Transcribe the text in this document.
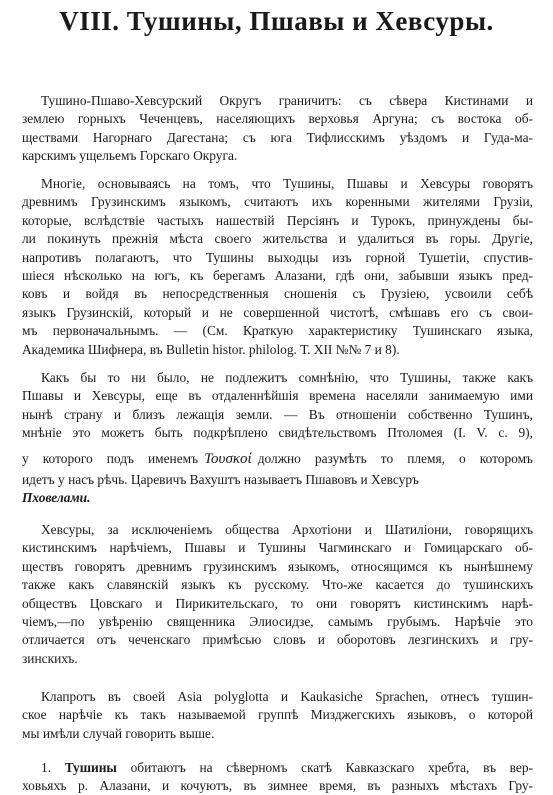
VIII. Тушины, Пшавы и Хевсуры.
Тушино-Пшаво-Хевсурский Округъ граничитъ: съ сѣвера Кистинами и
землею горныхъ Чеченцевъ, населяющихъ верховья Аргуна; съ востока об-
ществами Нагорнаго Дагестана; съ юга Тифлисскимъ уѣздомъ и Гуда-ма-
карскимъ ущельемъ Горскаго Округа.
Многіе, основываясь на томъ, что Тушины, Пшавы и Хевсуры говорятъ
древнимъ Грузинскимъ языкомъ, считаютъ ихъ коренными жителями Грузіи,
которые, вслѣдствіе частыхъ нашествій Персіянъ и Турокъ, принуждены бы-
ли покинуть прежнія мѣста своего жительства и удалиться въ горы. Другіе,
напротивъ полагаютъ, что Тушины выходцы изъ горной Тушетіи, спустив-
шіеся нѣсколько на югъ, къ берегамъ Алазани, гдѣ они, забывши языкъ пред-
ковъ и войдя въ непосредственныя сношенія съ Грузіею, усвоили себѣ
языкъ Грузинскій, который и не совершенной чистотѣ, смѣшавъ его съ свои-
мъ первоначальнымъ. — (См. Краткую характеристику Тушинскаго языка,
Академика Шифнера, въ Bulletin histor. philolog. Т. XII №№ 7 и 8).
Какъ бы то ни было, не подлежитъ сомнѣнію, что Тушины, также какъ
Пшавы и Хевсуры, еще въ отдаленнѣйшія времена населяли занимаемую ими
нынѣ страну и близъ лежащія земли. — Въ отношеніи собственно Тушинъ,
мнѣніе это можетъ быть подкрѣплено свидѣтельствомъ Птоломея (I. V. c. 9),
у которого подъ именемъ Τουσκοί должно разумѣть то племя, о которомъ
идетъ у насъ рѣчь. Царевичъ Вахуштъ называетъ Пшавовъ и Хевсуръ
Пховелами.
Хевсуры, за исключеніемъ общества Архотіони и Шатиліони, говорящихъ
кистинскимъ нарѣчіемъ, Пшавы и Тушины Чагминскаго и Гомицарскаго об-
ществъ говорятъ древнимъ грузинскимъ языкомъ, относящимся къ нынѣшнему
также какъ славянскій языкъ къ русскому. Что-же касается до тушинскихъ
обществъ Цовскаго и Пирикительскаго, то они говорятъ кистинскимъ нарѣ-
чіемъ,—по увѣренію священника Элиосидзе, самымъ грубымъ. Нарѣчіе это
отличается отъ чеченскаго примѣсью словъ и оборотовъ лезгинскихъ и гру-
зинскихъ.
Клапротъ въ своей Asia polyglotta и Kaukasiche Sprachen, отнесъ тушин-
ское нарѣчіе къ такъ называемой группѣ Мизджегскихъ языковъ, о которой
мы имѣли случай говорить выше.
1. Тушины обитаютъ на сѣверномъ скатѣ Кавказскаго хребта, въ вер-
ховьяхъ р. Алазани, и кочуютъ, въ зимнее время, въ разныхъ мѣстахъ Гру-
